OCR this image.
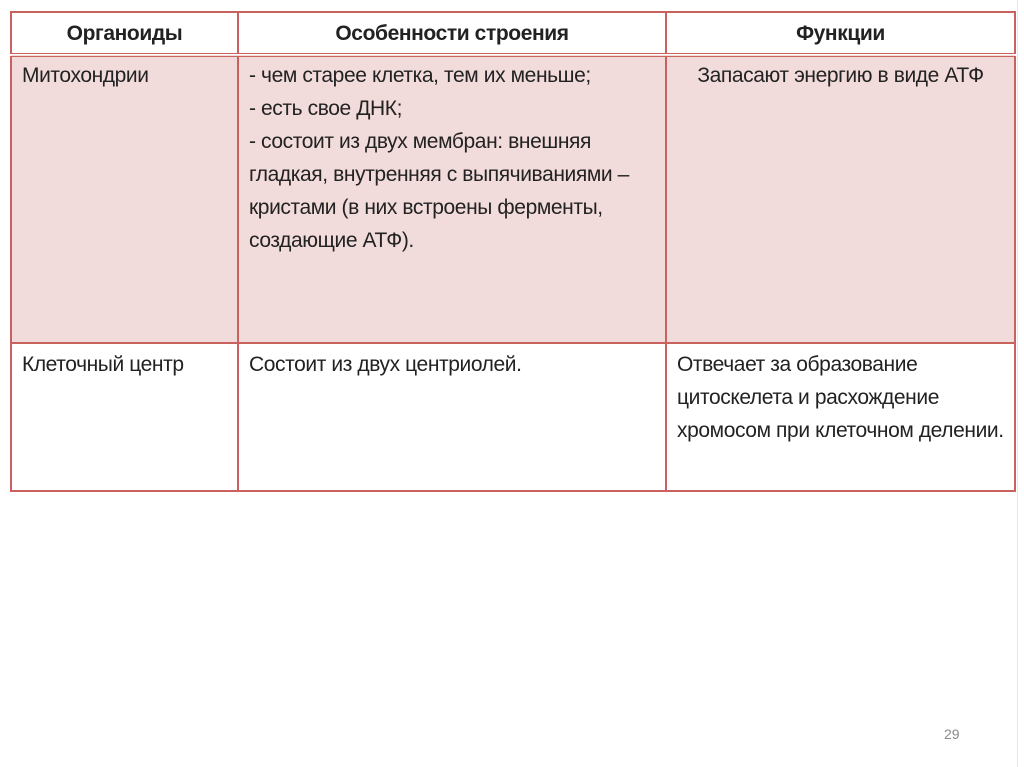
Органоиды	Особенности строения	Функции
Митохондрии	- чем старее клетка, тем их меньше;
- есть свое ДНК;
- состоит из двух мембран: внешняя гладкая, внутренняя с выпячиваниями – кристами (в них встроены ферменты, создающие АТФ).	Запасают энергию в виде АТФ
Клеточный центр	Состоит из двух центриолей.	Отвечает за образование цитоскелета и расхождение хромосом при клеточном делении.
29
